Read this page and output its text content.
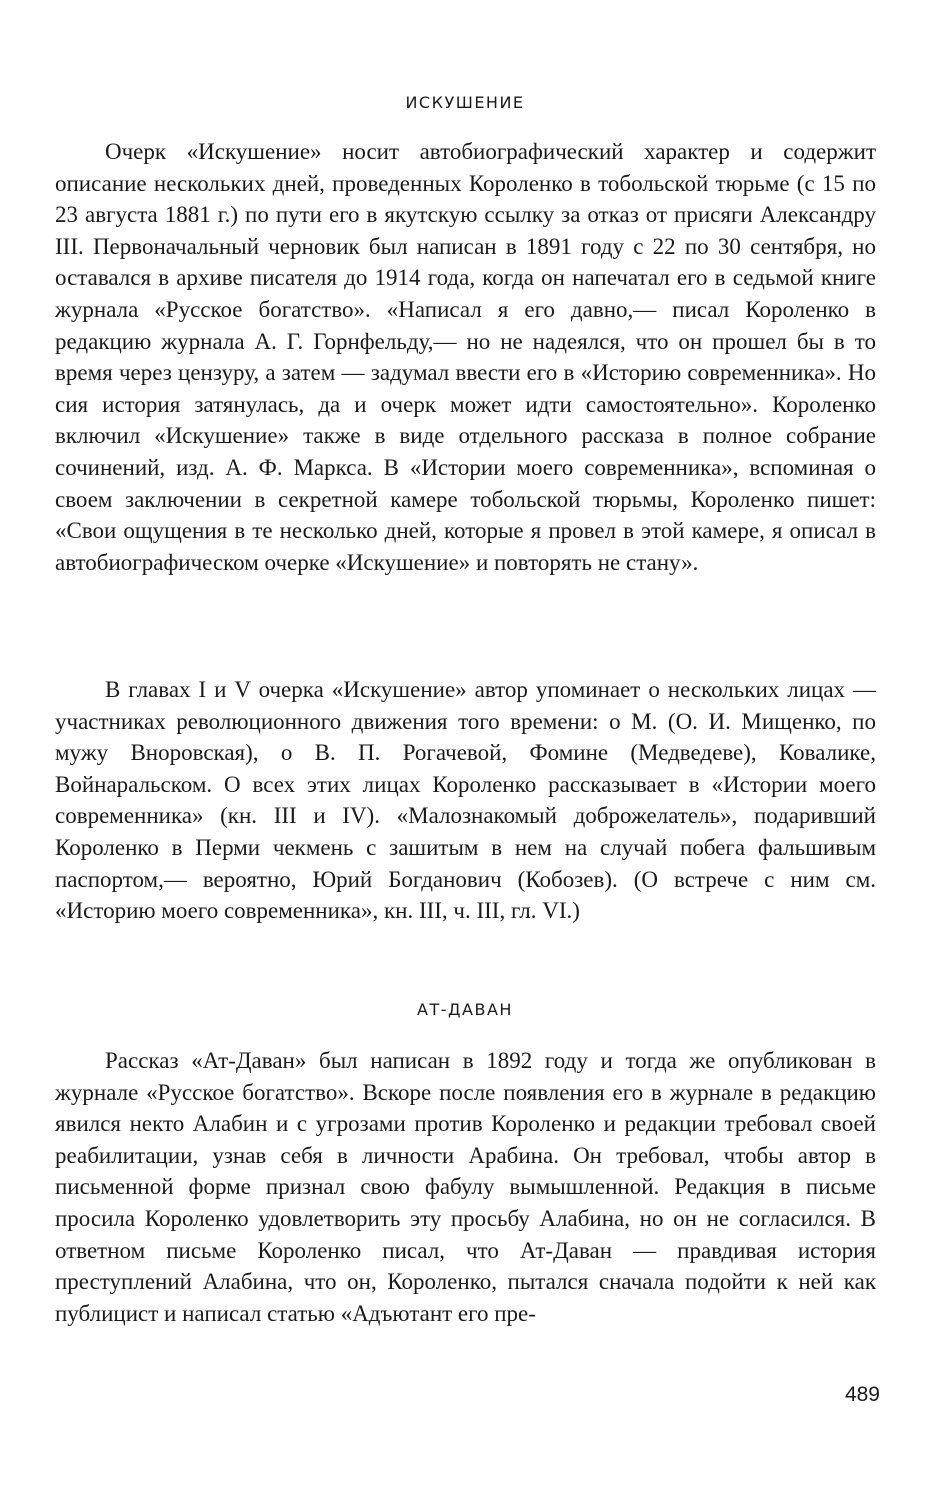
ИСКУШЕНИЕ

Очерк «Искушение» носит автобиографический характер и содержит описание нескольких дней, проведенных Короленко в тобольской тюрьме (с 15 по 23 августа 1881 г.) по пути его в якутскую ссылку за отказ от присяги Александру III. Первоначальный черновик был написан в 1891 году с 22 по 30 сентября, но оставался в архиве писателя до 1914 года, когда он напечатал его в седьмой книге журнала «Русское богатство». «Написал я его давно,— писал Короленко в редакцию журнала А. Г. Горнфельду,— но не надеялся, что он прошел бы в то время через цензуру, а затем — задумал ввести его в «Историю современника». Но сия история затянулась, да и очерк может идти самостоятельно». Короленко включил «Искушение» также в виде отдельного рассказа в полное собрание сочинений, изд. А. Ф. Маркса. В «Истории моего современника», вспоминая о своем заключении в секретной камере тобольской тюрьмы, Короленко пишет: «Свои ощущения в те несколько дней, которые я провел в этой камере, я описал в автобиографическом очерке «Искушение» и повторять не стану».

В главах I и V очерка «Искушение» автор упоминает о нескольких лицах — участниках революционного движения того времени: о М. (О. И. Мищенко, по мужу Вноровская), о В. П. Рогачевой, Фомине (Медведеве), Ковалике, Войнаральском. О всех этих лицах Короленко рассказывает в «Истории моего современника» (кн. III и IV). «Малознакомый доброжелатель», подаривший Короленко в Перми чекмень с зашитым в нем на случай побега фальшивым паспортом,— вероятно, Юрий Богданович (Кобозев). (О встрече с ним см. «Историю моего современника», кн. III, ч. III, гл. VI.)

АТ-ДАВАН

Рассказ «Ат-Даван» был написан в 1892 году и тогда же опубликован в журнале «Русское богатство». Вскоре после появления его в журнале в редакцию явился некто Алабин и с угрозами против Короленко и редакции требовал своей реабилитации, узнав себя в личности Арабина. Он требовал, чтобы автор в письменной форме признал свою фабулу вымышленной. Редакция в письме просила Короленко удовлетворить эту просьбу Алабина, но он не согласился. В ответном письме Короленко писал, что Ат-Даван — правдивая история преступлений Алабина, что он, Короленко, пытался сначала подойти к ней как публицист и написал статью «Адъютант его пре-

489
